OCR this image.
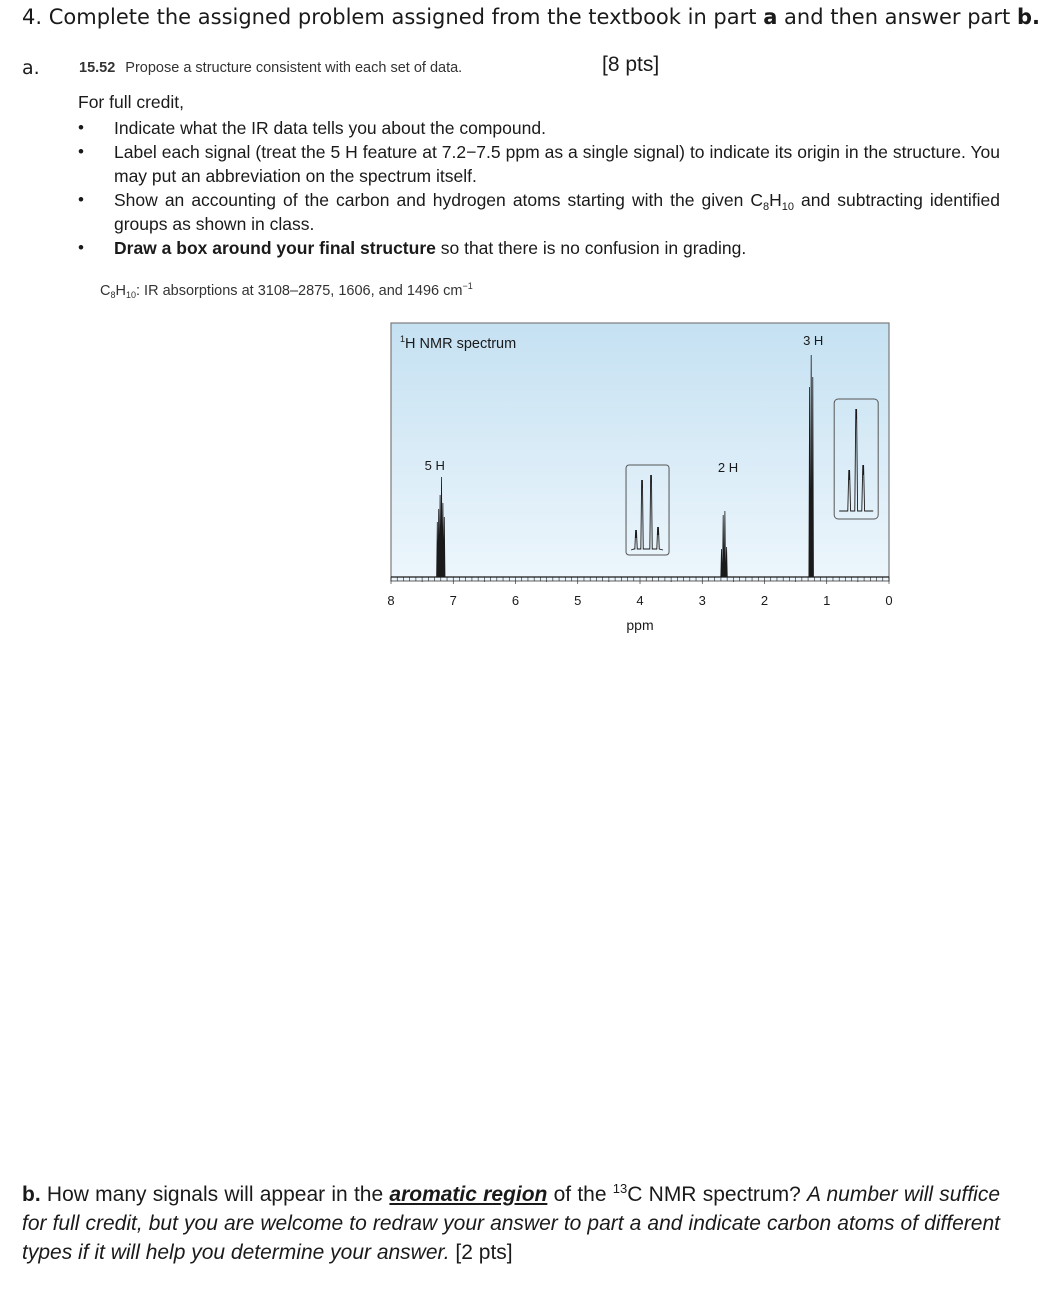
4. Complete the assigned problem assigned from the textbook in part a and then answer part b.
a.	15.52 Propose a structure consistent with each set of data.	[8 pts]
For full credit,
• Indicate what the IR data tells you about the compound.
• Label each signal (treat the 5 H feature at 7.2−7.5 ppm as a single signal) to indicate its origin in the structure. You may put an abbreviation on the spectrum itself.
• Show an accounting of the carbon and hydrogen atoms starting with the given $C_8H_{10}$ and subtracting identified groups as shown in class.
• Draw a box around your final structure so that there is no confusion in grading.
$C_8H_{10}$: IR absorptions at 3108–2875, 1606, and 1496 $cm^{-1}$
$^1$H NMR spectrum
8	7	6	5	4	3	2	1	0
5 H	2 H
3 H
ppm
b. How many signals will appear in the aromatic region of the $^{13}$C NMR spectrum? A number will suffice for full credit, but you are welcome to redraw your answer to part a and indicate carbon atoms of different types if it will help you determine your answer. [2 pts]
